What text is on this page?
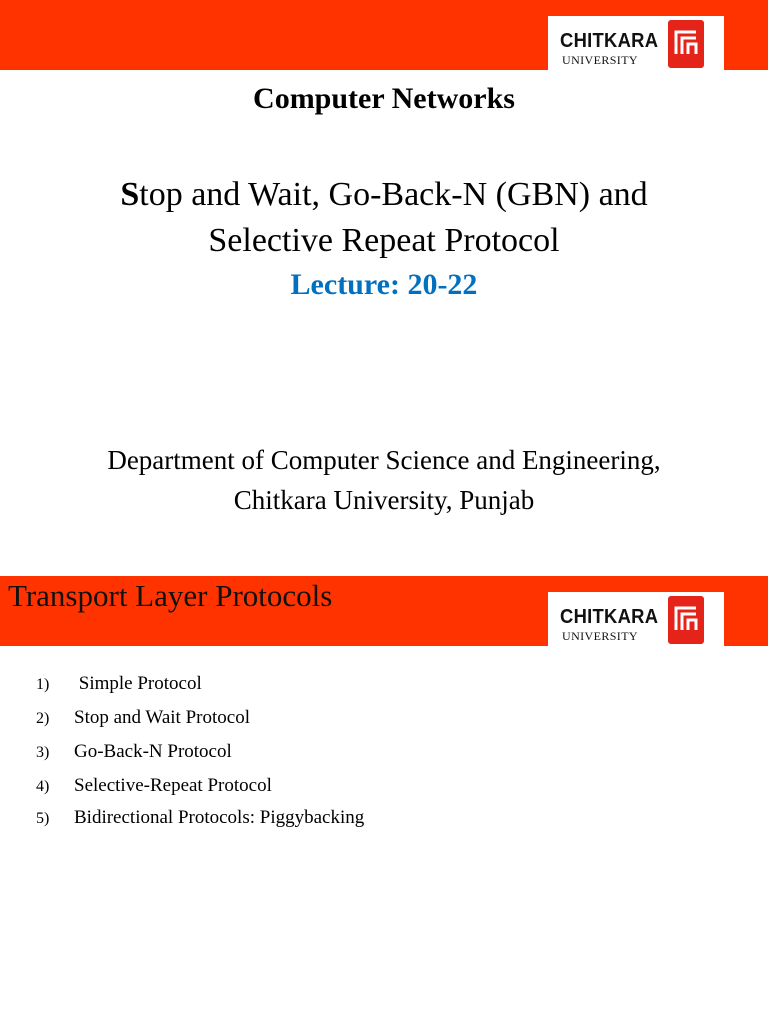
CHITKARA
UNIVERSITY
Computer Networks
Stop and Wait, Go-Back-N (GBN) and
Selective Repeat Protocol
Lecture: 20-22
Department of Computer Science and Engineering,
Chitkara University, Punjab
Transport Layer Protocols
1) Simple Protocol
2) Stop and Wait Protocol
3) Go-Back-N Protocol
4) Selective-Repeat Protocol
5) Bidirectional Protocols: Piggybacking
CHITKARA
UNIVERSITY
